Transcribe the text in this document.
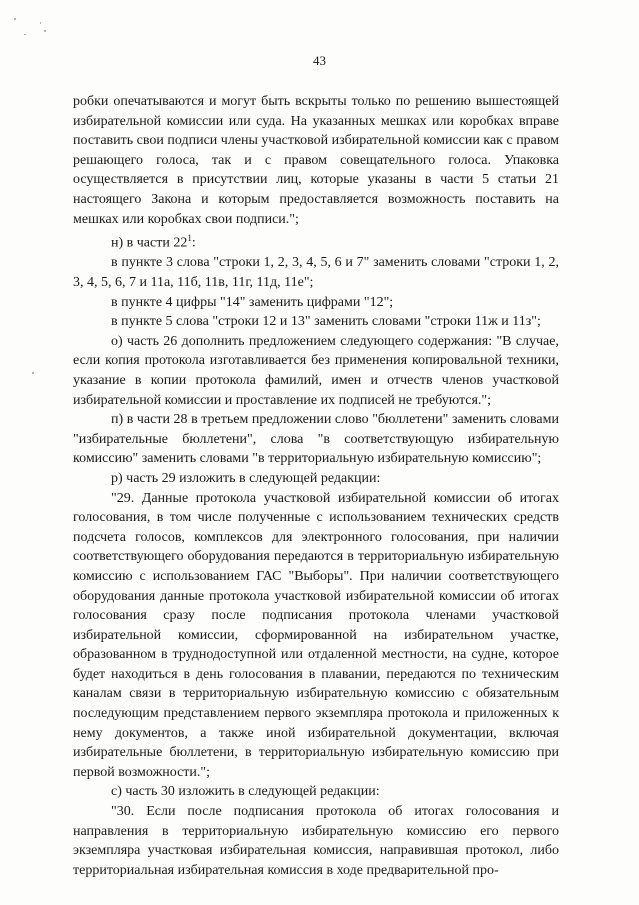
43

робки опечатываются и могут быть вскрыты только по решению вышестоящей избирательной комиссии или суда. На указанных мешках или коробках вправе поставить свои подписи члены участковой избирательной комиссии как с правом решающего голоса, так и с правом совещательного голоса. Упаковка осуществляется в присутствии лиц, которые указаны в части 5 статьи 21 настоящего Закона и которым предоставляется возможность поставить на мешках или коробках свои подписи.";

н) в части $22^1$:

в пункте 3 слова "строки 1, 2, 3, 4, 5, 6 и 7" заменить словами "строки 1, 2, 3, 4, 5, 6, 7 и 11а, 11б, 11в, 11г, 11д, 11е";

в пункте 4 цифры "14" заменить цифрами "12";

в пункте 5 слова "строки 12 и 13" заменить словами "строки 11ж и 11з";

о) часть 26 дополнить предложением следующего содержания: "В случае, если копия протокола изготавливается без применения копировальной техники, указание в копии протокола фамилий, имен и отчеств членов участковой избирательной комиссии и проставление их подписей не требуются.";

п) в части 28 в третьем предложении слово "бюллетени" заменить словами "избирательные бюллетени", слова "в соответствующую избирательную комиссию" заменить словами "в территориальную избирательную комиссию";

р) часть 29 изложить в следующей редакции:

"29. Данные протокола участковой избирательной комиссии об итогах голосования, в том числе полученные с использованием технических средств подсчета голосов, комплексов для электронного голосования, при наличии соответствующего оборудования передаются в территориальную избирательную комиссию с использованием ГАС "Выборы". При наличии соответствующего оборудования данные протокола участковой избирательной комиссии об итогах голосования сразу после подписания протокола членами участковой избирательной комиссии, сформированной на избирательном участке, образованном в труднодоступной или отдаленной местности, на судне, которое будет находиться в день голосования в плавании, передаются по техническим каналам связи в территориальную избирательную комиссию с обязательным последующим представлением первого экземпляра протокола и приложенных к нему документов, а также иной избирательной документации, включая избирательные бюллетени, в территориальную избирательную комиссию при первой возможности.";

с) часть 30 изложить в следующей редакции:

"30. Если после подписания протокола об итогах голосования и направления в территориальную избирательную комиссию его первого экземпляра участковая избирательная комиссия, направившая протокол, либо территориальная избирательная комиссия в ходе предварительной про-
